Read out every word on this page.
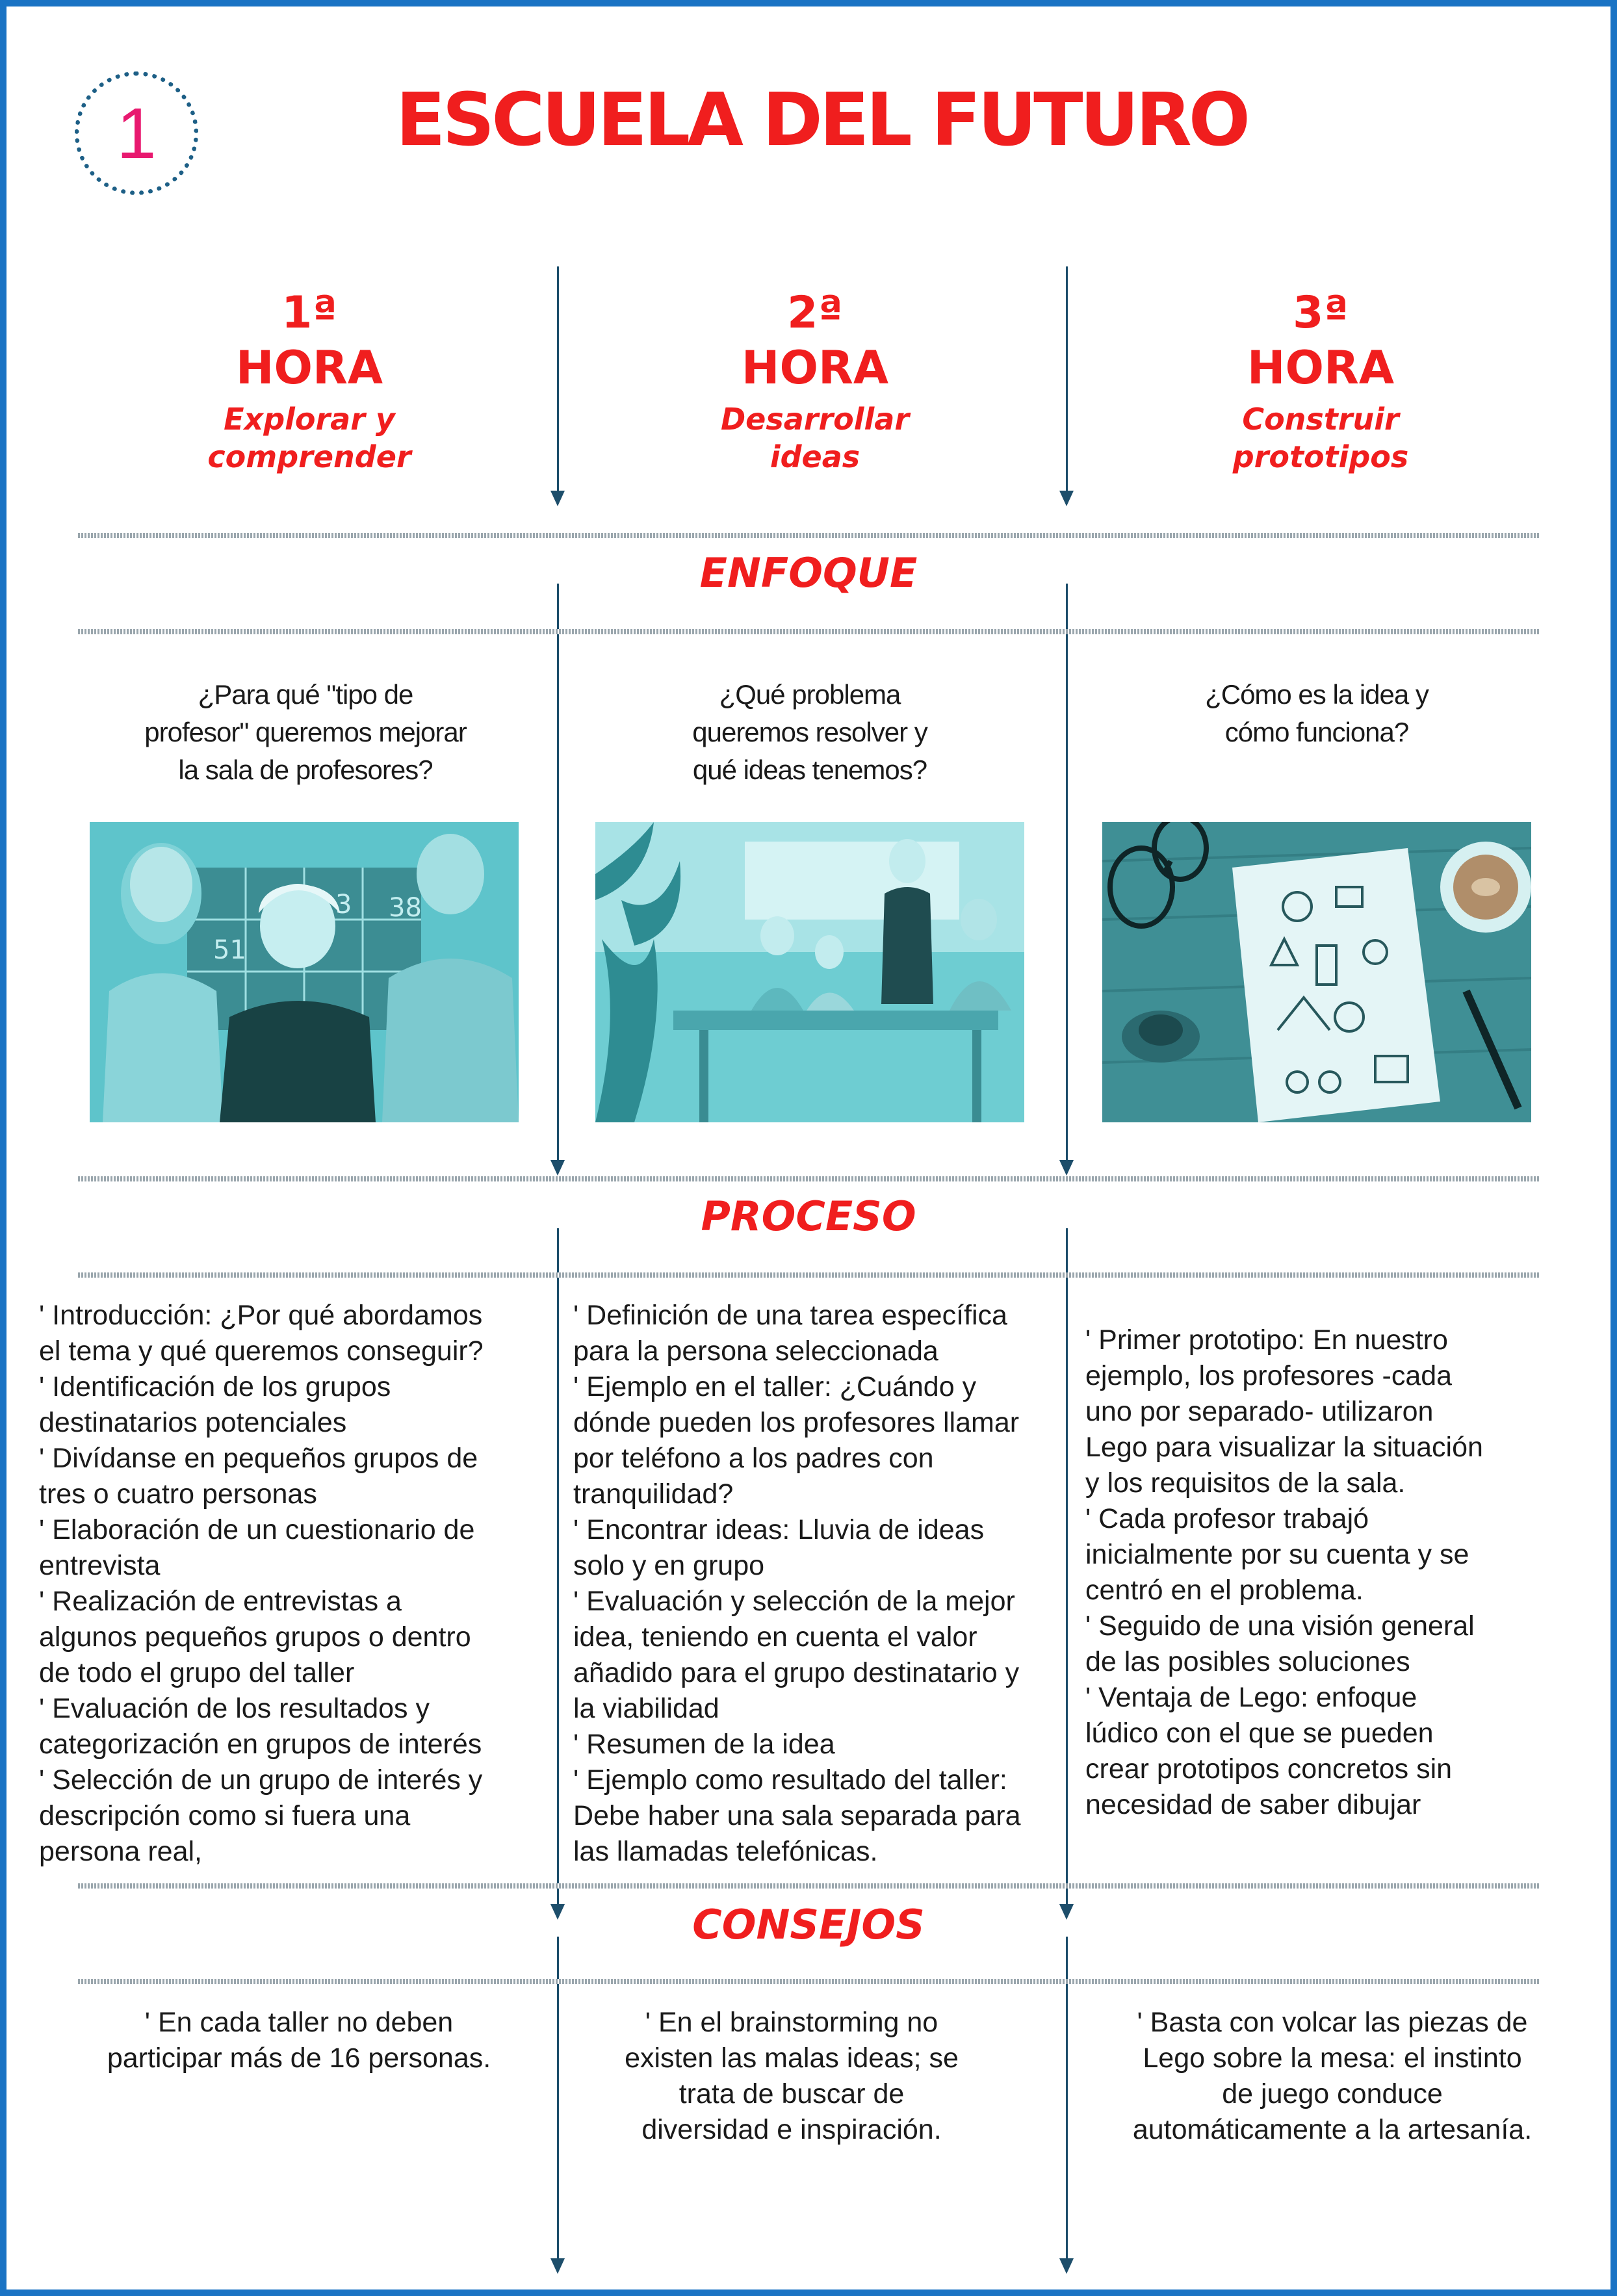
1	ESCUELA DEL FUTURO
1ª
HORA
Explorar y
comprender
2ª
HORA
Desarrollar
ideas
3ª
HORA
Construir
prototipos
ENFOQUE
¿Para qué "tipo de
profesor" queremos mejorar
la sala de profesores?
¿Qué problema
queremos resolver y
qué ideas tenemos?
¿Cómo es la idea y
cómo funciona?
3 38
51
PROCESO
' Introducción: ¿Por qué abordamos
el tema y qué queremos conseguir?
' Identificación de los grupos
destinatarios potenciales
' Divídanse en pequeños grupos de
tres o cuatro personas
' Elaboración de un cuestionario de
entrevista
' Realización de entrevistas a
algunos pequeños grupos o dentro
de todo el grupo del taller
' Evaluación de los resultados y
categorización en grupos de interés
' Selección de un grupo de interés y
descripción como si fuera una
persona real,
' Definición de una tarea específica
para la persona seleccionada
' Ejemplo en el taller: ¿Cuándo y
dónde pueden los profesores llamar
por teléfono a los padres con
tranquilidad?
' Encontrar ideas: Lluvia de ideas
solo y en grupo
' Evaluación y selección de la mejor
idea, teniendo en cuenta el valor
añadido para el grupo destinatario y
la viabilidad
' Resumen de la idea
' Ejemplo como resultado del taller:
Debe haber una sala separada para
las llamadas telefónicas.
' Primer prototipo: En nuestro
ejemplo, los profesores -cada
uno por separado- utilizaron
Lego para visualizar la situación
y los requisitos de la sala.
' Cada profesor trabajó
inicialmente por su cuenta y se
centró en el problema.
' Seguido de una visión general
de las posibles soluciones
' Ventaja de Lego: enfoque
lúdico con el que se pueden
crear prototipos concretos sin
necesidad de saber dibujar
CONSEJOS
' En cada taller no deben
participar más de 16 personas.
' En el brainstorming no
existen las malas ideas; se
trata de buscar de
diversidad e inspiración.
' Basta con volcar las piezas de
Lego sobre la mesa: el instinto
de juego conduce
automáticamente a la artesanía.
